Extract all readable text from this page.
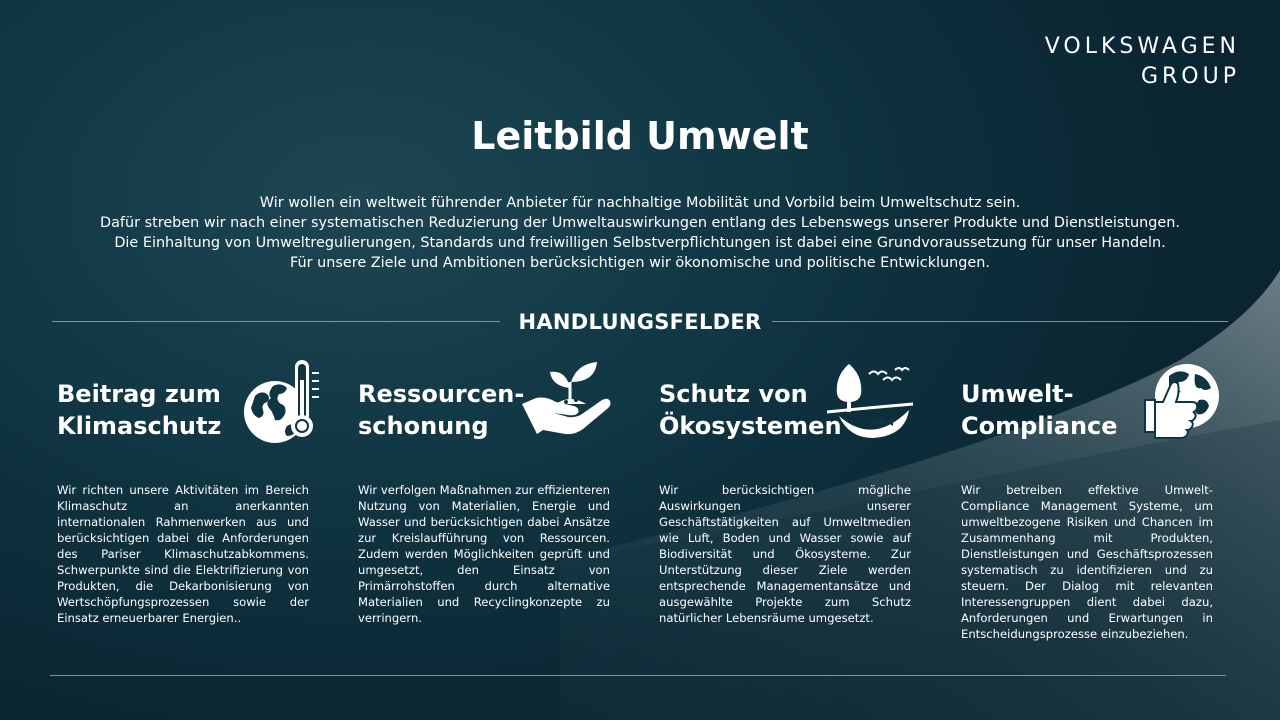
VOLKSWAGEN
GROUP
Leitbild Umwelt
Wir wollen ein weltweit führender Anbieter für nachhaltige Mobilität und Vorbild beim Umweltschutz sein.
Dafür streben wir nach einer systematischen Reduzierung der Umweltauswirkungen entlang des Lebenswegs unserer Produkte und Dienstleistungen.
Die Einhaltung von Umweltregulierungen, Standards und freiwilligen Selbstverpflichtungen ist dabei eine Grundvoraussetzung für unser Handeln.
Für unsere Ziele und Ambitionen berücksichtigen wir ökonomische und politische Entwicklungen.
HANDLUNGSFELDER
Beitrag zum
Klimaschutz
Wir richten unsere Aktivitäten im Bereich Klimaschutz an anerkannten internationalen Rahmenwerken aus und berücksichtigen dabei die Anforderungen des Pariser Klimaschutzabkommens. Schwerpunkte sind die Elektrifizierung von Produkten, die Dekarbonisierung von Wertschöpfungsprozessen sowie der Einsatz erneuerbarer Energien..
Ressourcen-
schonung
Wir verfolgen Maßnahmen zur effizienteren Nutzung von Materialien, Energie und Wasser und berücksichtigen dabei Ansätze zur Kreislaufführung von Ressourcen. Zudem werden Möglichkeiten geprüft und umgesetzt, den Einsatz von Primärrohstoffen durch alternative Materialien und Recyclingkonzepte zu verringern.
Schutz von
Ökosystemen
Wir berücksichtigen mögliche Auswirkungen unserer Geschäftstätigkeiten auf Umweltmedien wie Luft, Boden und Wasser sowie auf Biodiversität und Ökosysteme. Zur Unterstützung dieser Ziele werden entsprechende Managementansätze und ausgewählte Projekte zum Schutz natürlicher Lebensräume umgesetzt.
Umwelt-
Compliance
Wir betreiben effektive Umwelt-Compliance Management Systeme, um umweltbezogene Risiken und Chancen im Zusammenhang mit Produkten, Dienstleistungen und Geschäftsprozessen systematisch zu identifizieren und zu steuern. Der Dialog mit relevanten Interessengruppen dient dabei dazu, Anforderungen und Erwartungen in Entscheidungsprozesse einzubeziehen.
